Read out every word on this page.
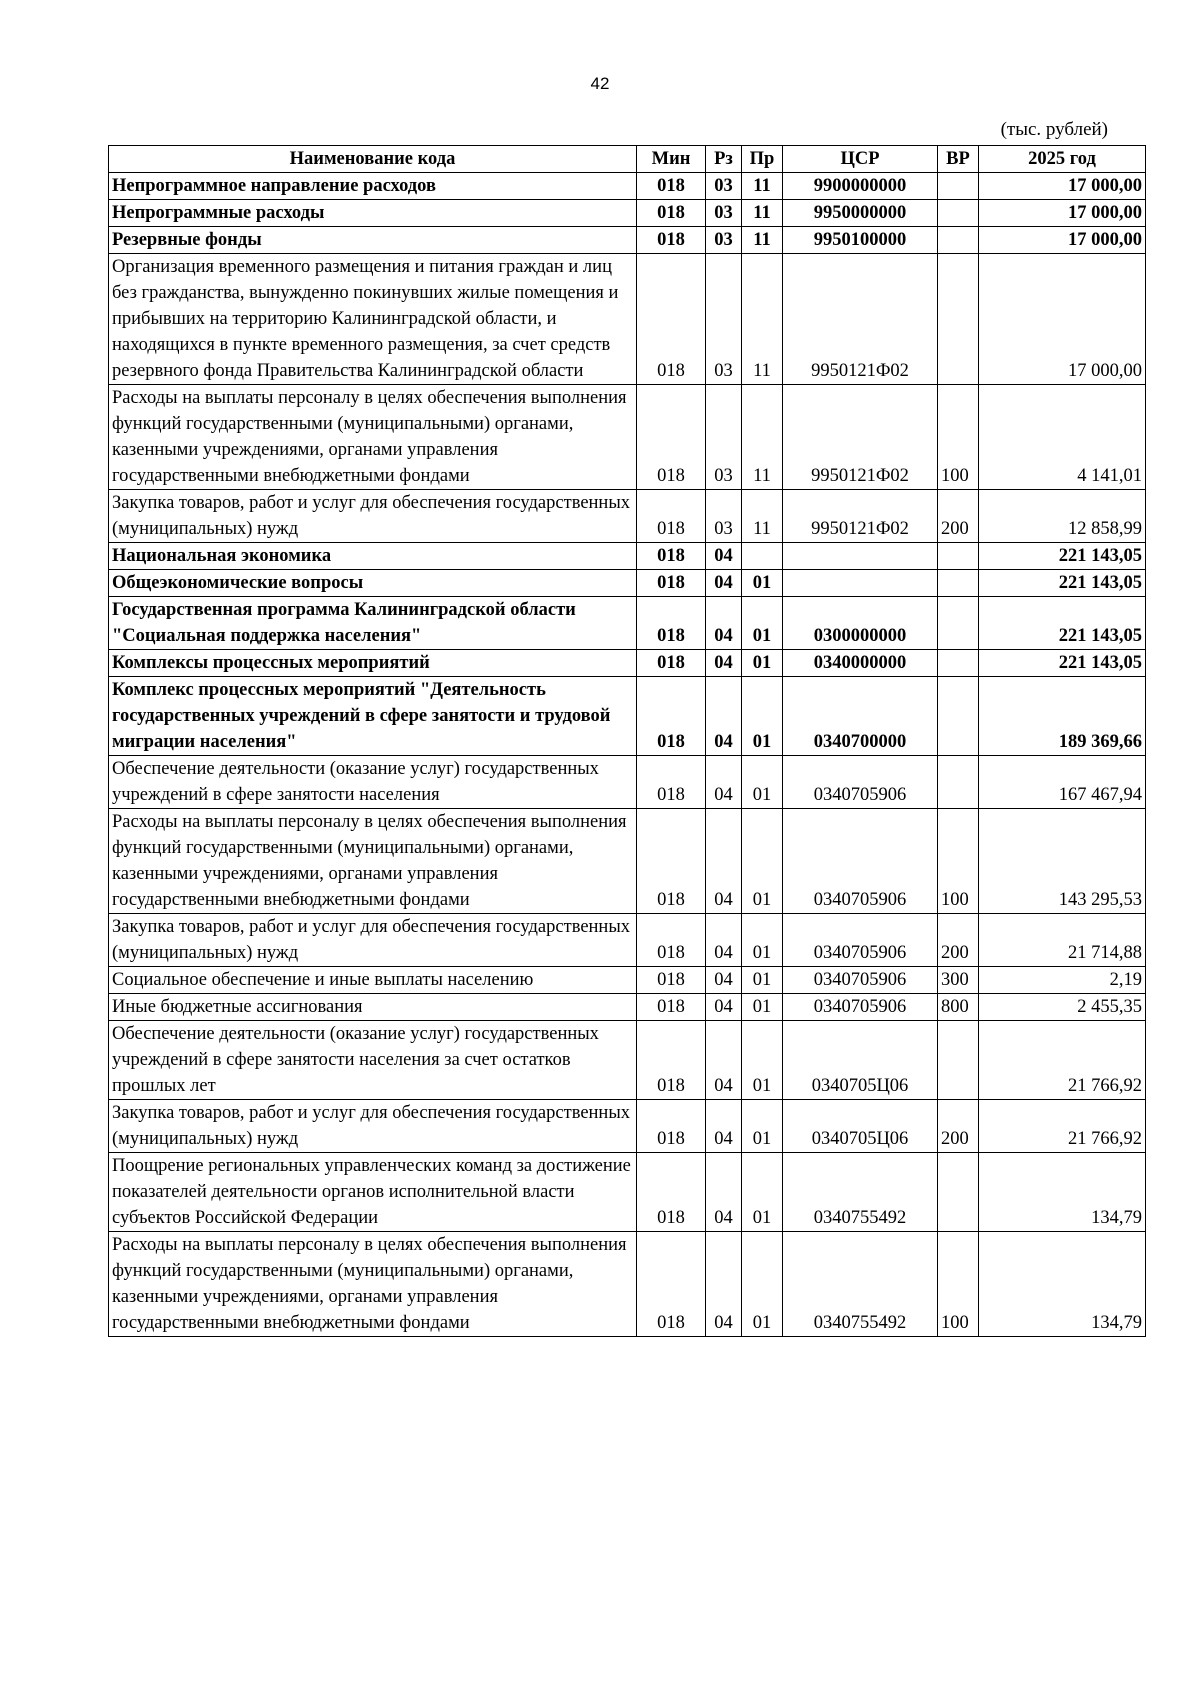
42
(тыс. рублей)
Наименование кода	Мин	Рз	Пр	ЦСР	ВР	2025 год
Непрограммное направление расходов	018	03	11	9900000000		17 000,00
Непрограммные расходы	018	03	11	9950000000		17 000,00
Резервные фонды	018	03	11	9950100000		17 000,00
Организация временного размещения и питания граждан и лиц без гражданства, вынужденно покинувших жилые помещения и прибывших на территорию Калининградской области, и находящихся в пункте временного размещения, за счет средств резервного фонда Правительства Калининградской области	018	03	11	9950121Ф02		17 000,00
Расходы на выплаты персоналу в целях обеспечения выполнения функций государственными (муниципальными) органами, казенными учреждениями, органами управления государственными внебюджетными фондами	018	03	11	9950121Ф02	100	4 141,01
Закупка товаров, работ и услуг для обеспечения государственных (муниципальных) нужд	018	03	11	9950121Ф02	200	12 858,99
Национальная экономика	018	04				221 143,05
Общеэкономические вопросы	018	04	01			221 143,05
Государственная программа Калининградской области "Социальная поддержка населения"	018	04	01	0300000000		221 143,05
Комплексы процессных мероприятий	018	04	01	0340000000		221 143,05
Комплекс процессных мероприятий "Деятельность государственных учреждений в сфере занятости и трудовой миграции населения"	018	04	01	0340700000		189 369,66
Обеспечение деятельности (оказание услуг) государственных учреждений в сфере занятости населения	018	04	01	0340705906		167 467,94
Расходы на выплаты персоналу в целях обеспечения выполнения функций государственными (муниципальными) органами, казенными учреждениями, органами управления государственными внебюджетными фондами	018	04	01	0340705906	100	143 295,53
Закупка товаров, работ и услуг для обеспечения государственных (муниципальных) нужд	018	04	01	0340705906	200	21 714,88
Социальное обеспечение и иные выплаты населению	018	04	01	0340705906	300	2,19
Иные бюджетные ассигнования	018	04	01	0340705906	800	2 455,35
Обеспечение деятельности (оказание услуг) государственных учреждений в сфере занятости населения за счет остатков прошлых лет	018	04	01	0340705Ц06		21 766,92
Закупка товаров, работ и услуг для обеспечения государственных (муниципальных) нужд	018	04	01	0340705Ц06	200	21 766,92
Поощрение региональных управленческих команд за достижение показателей деятельности органов исполнительной власти субъектов Российской Федерации	018	04	01	0340755492		134,79
Расходы на выплаты персоналу в целях обеспечения выполнения функций государственными (муниципальными) органами, казенными учреждениями, органами управления государственными внебюджетными фондами	018	04	01	0340755492	100	134,79
